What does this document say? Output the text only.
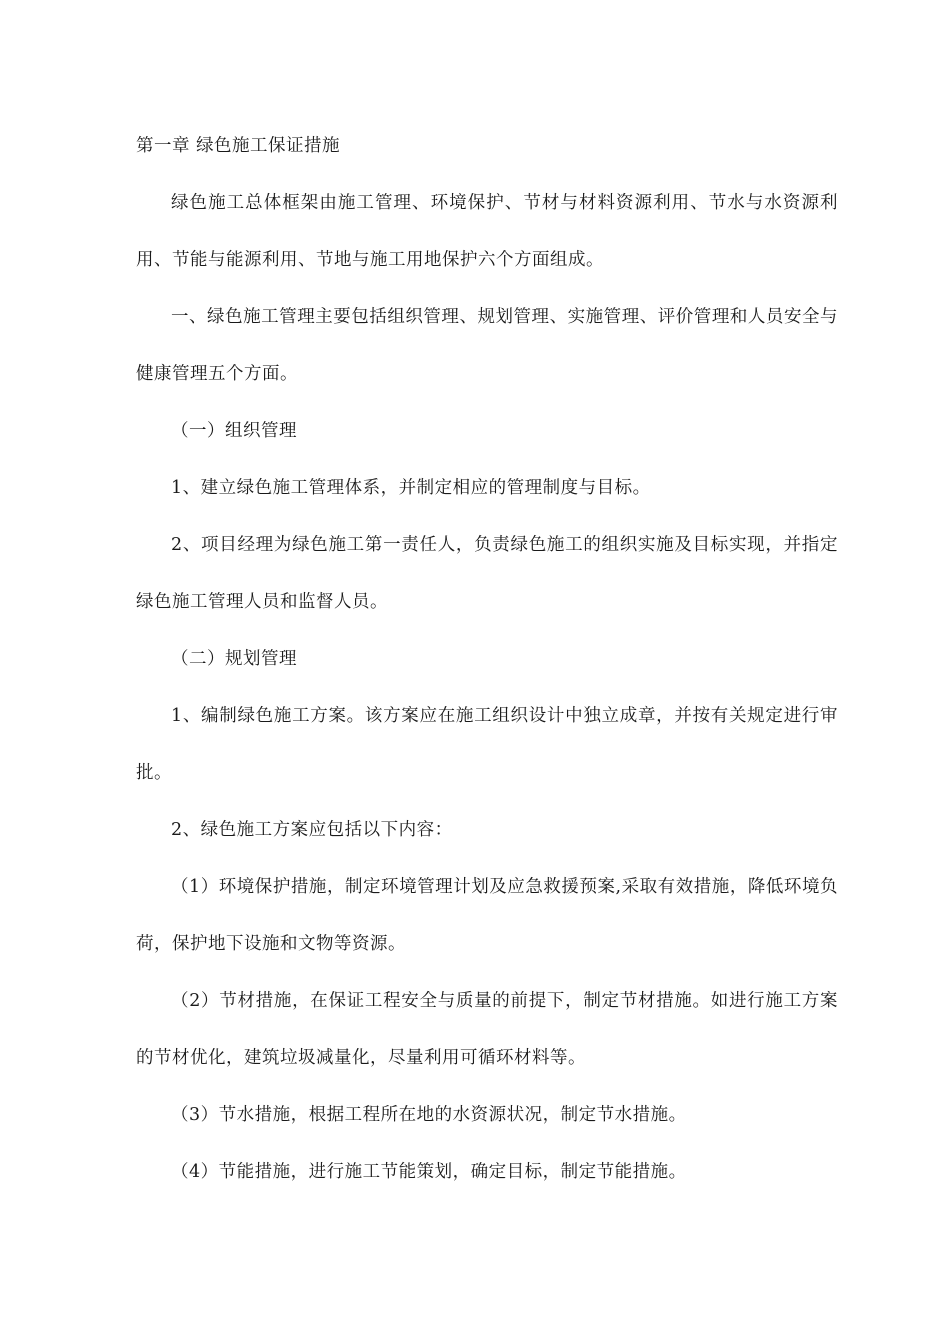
第一章 绿色施工保证措施

绿色施工总体框架由施工管理、环境保护、节材与材料资源利用、节水与水资源利用、节能与能源利用、节地与施工用地保护六个方面组成。

一、绿色施工管理主要包括组织管理、规划管理、实施管理、评价管理和人员安全与健康管理五个方面。

（一）组织管理

1、建立绿色施工管理体系，并制定相应的管理制度与目标。

2、项目经理为绿色施工第一责任人，负责绿色施工的组织实施及目标实现，并指定绿色施工管理人员和监督人员。

（二）规划管理

1、编制绿色施工方案。该方案应在施工组织设计中独立成章，并按有关规定进行审批。

2、绿色施工方案应包括以下内容：

（1）环境保护措施，制定环境管理计划及应急救援预案,采取有效措施，降低环境负荷，保护地下设施和文物等资源。

（2）节材措施，在保证工程安全与质量的前提下，制定节材措施。如进行施工方案的节材优化，建筑垃圾减量化，尽量利用可循环材料等。

（3）节水措施，根据工程所在地的水资源状况，制定节水措施。

（4）节能措施，进行施工节能策划，确定目标，制定节能措施。
